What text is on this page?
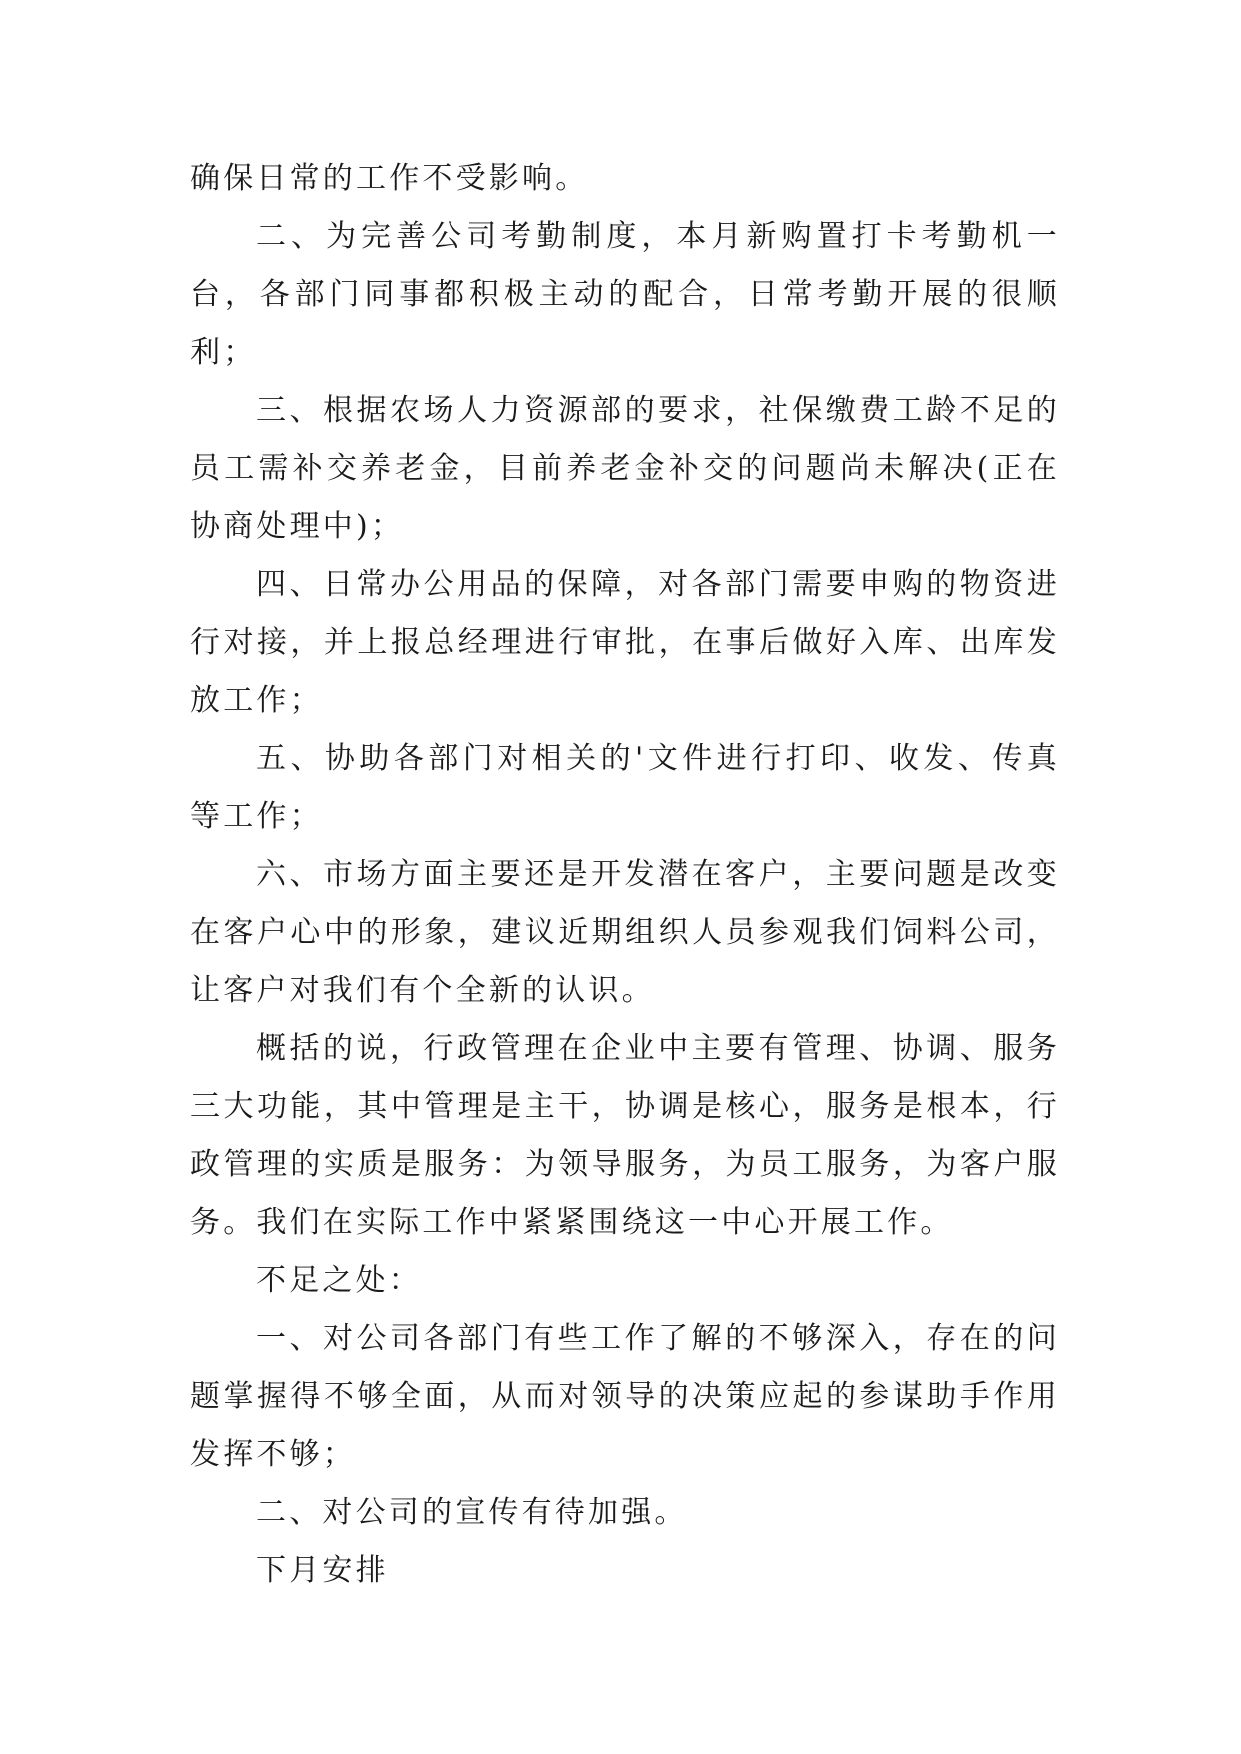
确保日常的工作不受影响。

二、为完善公司考勤制度，本月新购置打卡考勤机一台，各部门同事都积极主动的配合，日常考勤开展的很顺利；

三、根据农场人力资源部的要求，社保缴费工龄不足的员工需补交养老金，目前养老金补交的问题尚未解决(正在协商处理中)；

四、日常办公用品的保障，对各部门需要申购的物资进行对接，并上报总经理进行审批，在事后做好入库、出库发放工作；

五、协助各部门对相关的'文件进行打印、收发、传真等工作；

六、市场方面主要还是开发潜在客户，主要问题是改变在客户心中的形象，建议近期组织人员参观我们饲料公司，让客户对我们有个全新的认识。

概括的说，行政管理在企业中主要有管理、协调、服务三大功能，其中管理是主干，协调是核心，服务是根本，行政管理的实质是服务：为领导服务，为员工服务，为客户服务。我们在实际工作中紧紧围绕这一中心开展工作。

不足之处：

一、对公司各部门有些工作了解的不够深入，存在的问题掌握得不够全面，从而对领导的决策应起的参谋助手作用发挥不够；

二、对公司的宣传有待加强。

下月安排
